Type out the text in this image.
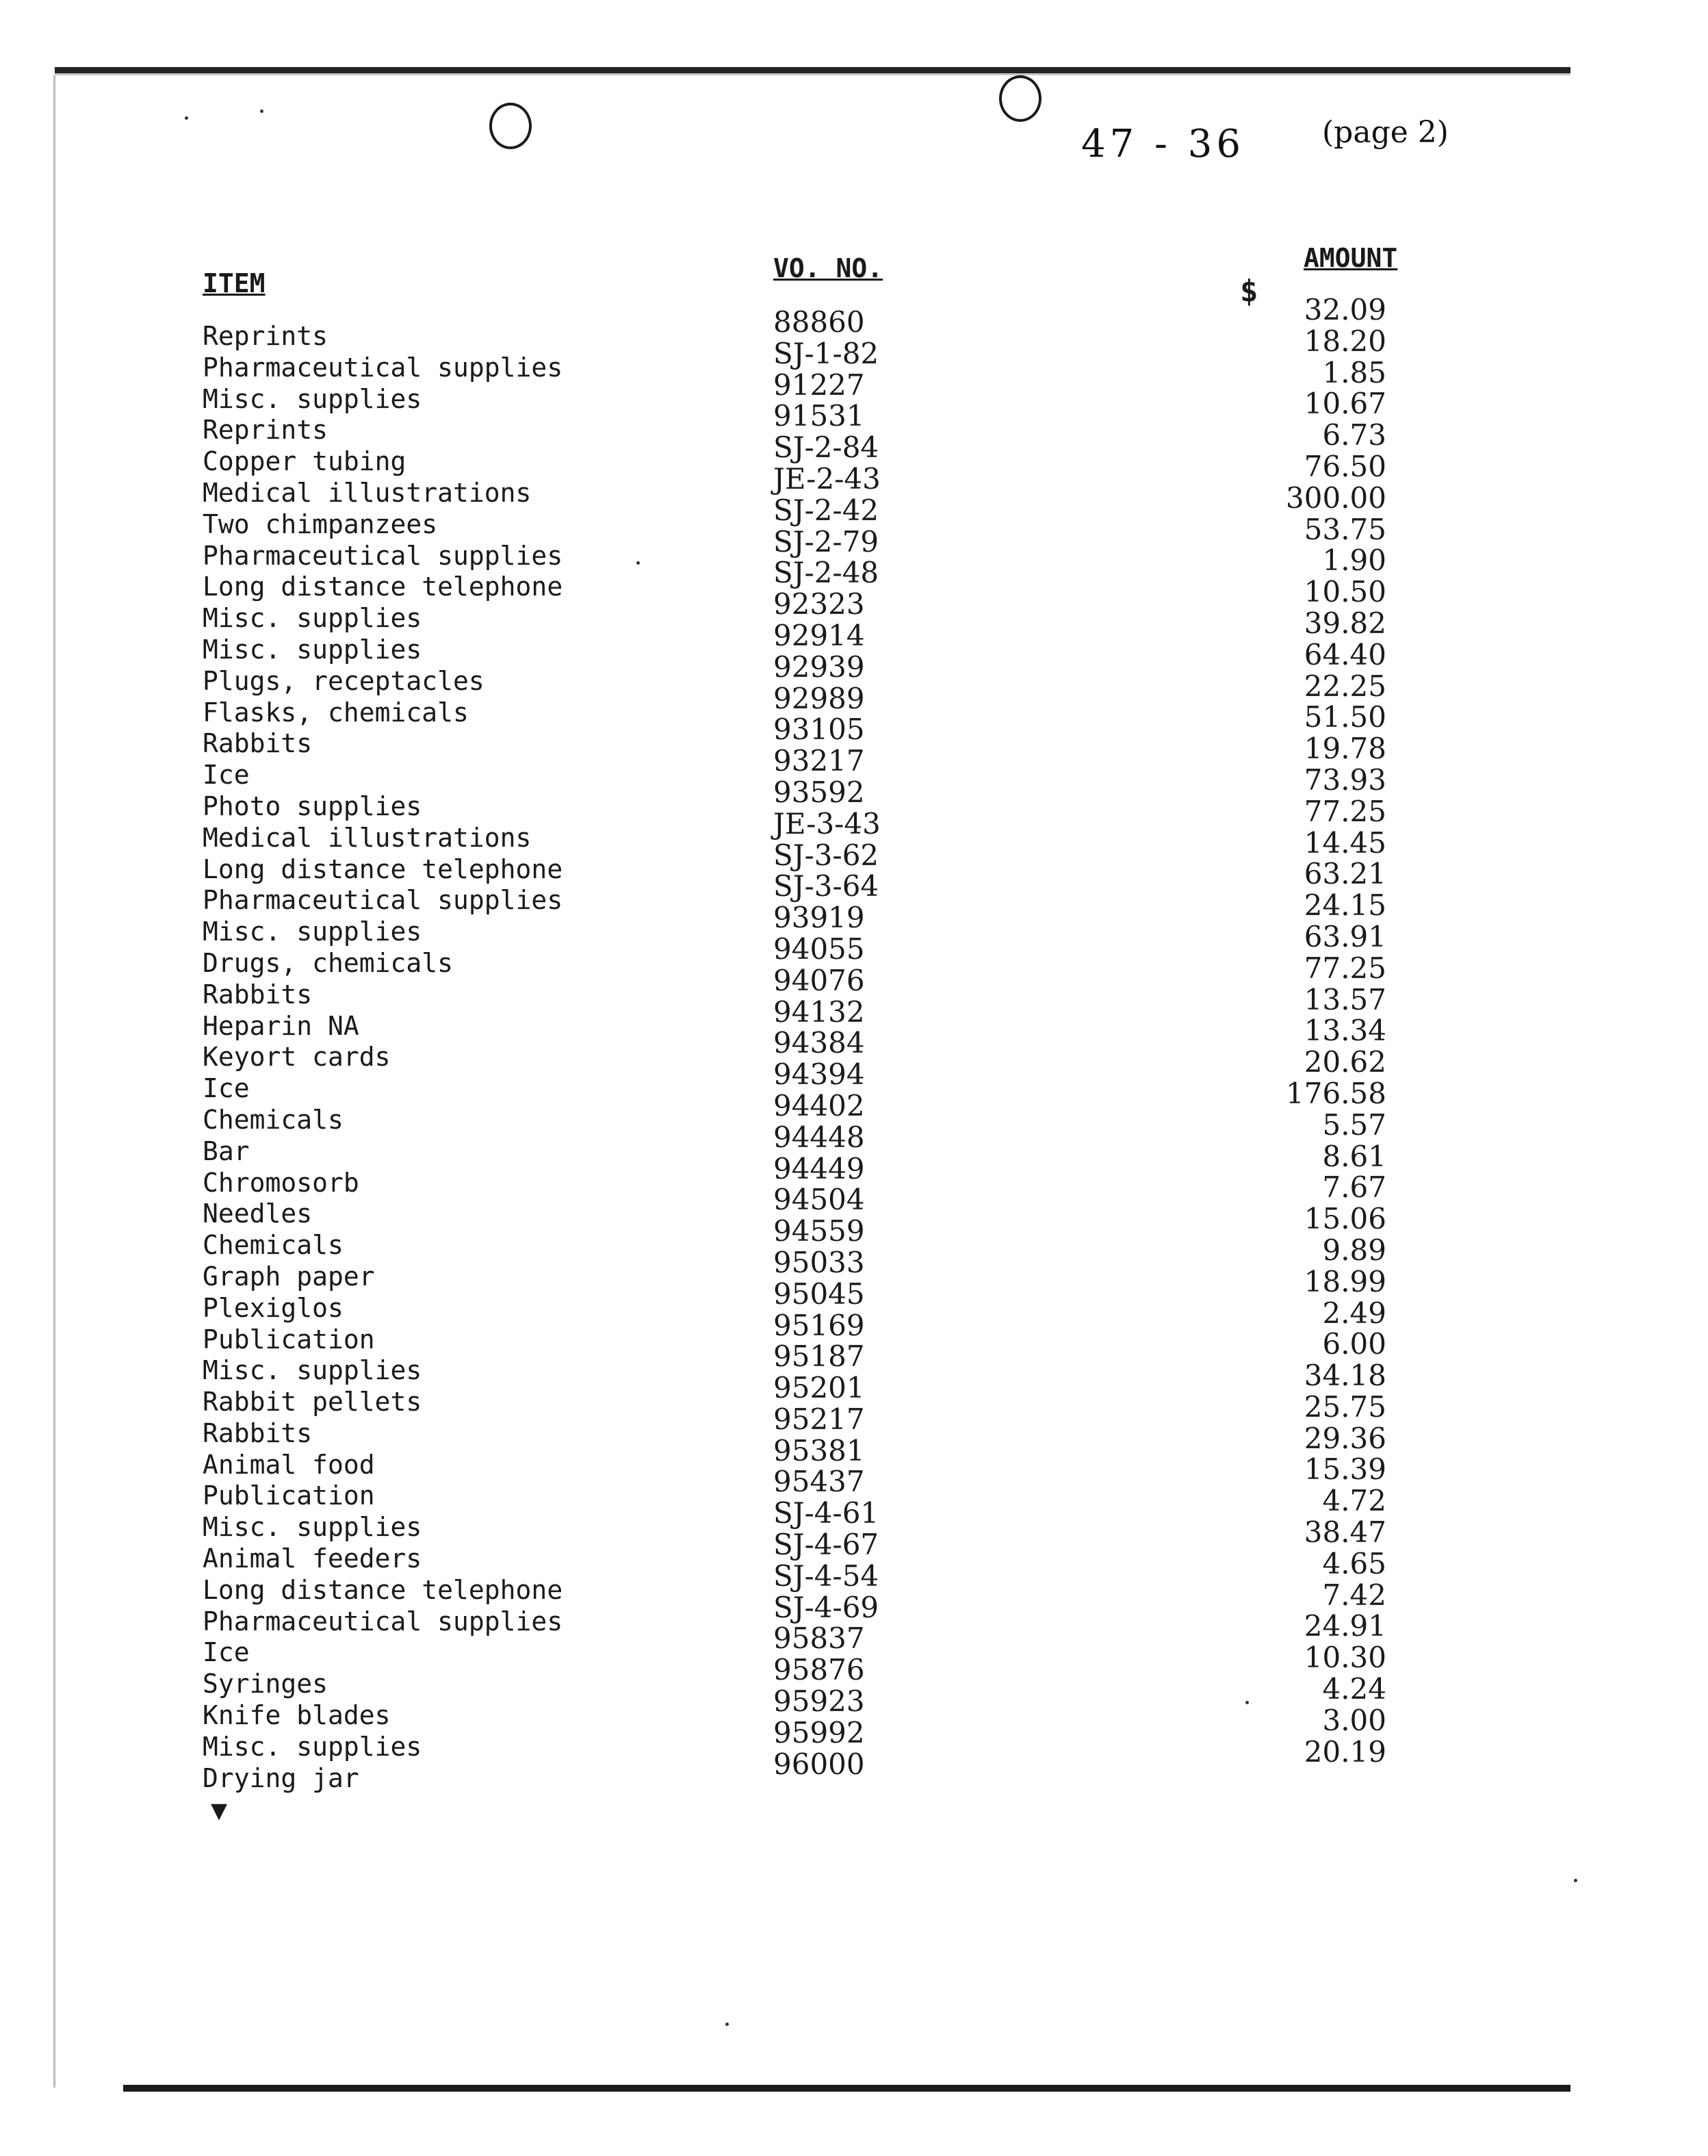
47 - 36	(page 2)
ITEM	VO. NO.	AMOUNT
$
Reprints	88860	32.09
Pharmaceutical supplies	SJ-1-82	18.20
Misc. supplies	91227	1.85
Reprints	91531	10.67
Copper tubing	SJ-2-84	6.73
Medical illustrations	JE-2-43	76.50
Two chimpanzees	SJ-2-42	300.00
Pharmaceutical supplies	SJ-2-79	53.75
Long distance telephone	SJ-2-48	1.90
Misc. supplies	92323	10.50
Misc. supplies	92914	39.82
Plugs, receptacles	92939	64.40
Flasks, chemicals	92989	22.25
Rabbits	93105	51.50
Ice	93217	19.78
Photo supplies	93592	73.93
Medical illustrations	JE-3-43	77.25
Long distance telephone	SJ-3-62	14.45
Pharmaceutical supplies	SJ-3-64	63.21
Misc. supplies	93919	24.15
Drugs, chemicals	94055	63.91
Rabbits	94076	77.25
Heparin NA	94132	13.57
Keyort cards	94384	13.34
Ice	94394	20.62
Chemicals	94402	176.58
Bar	94448	5.57
Chromosorb	94449	8.61
Needles	94504	7.67
Chemicals	94559	15.06
Graph paper	95033	9.89
Plexiglos	95045	18.99
Publication	95169	2.49
Misc. supplies	95187	6.00
Rabbit pellets	95201	34.18
Rabbits	95217	25.75
Animal food	95381	29.36
Publication	95437	15.39
Misc. supplies	SJ-4-61	4.72
Animal feeders	SJ-4-67	38.47
Long distance telephone	SJ-4-54	4.65
Pharmaceutical supplies	SJ-4-69	7.42
Ice	95837	24.91
Syringes	95876	10.30
Knife blades	95923	4.24
Misc. supplies	95992	3.00
Drying jar	96000	20.19
▼
